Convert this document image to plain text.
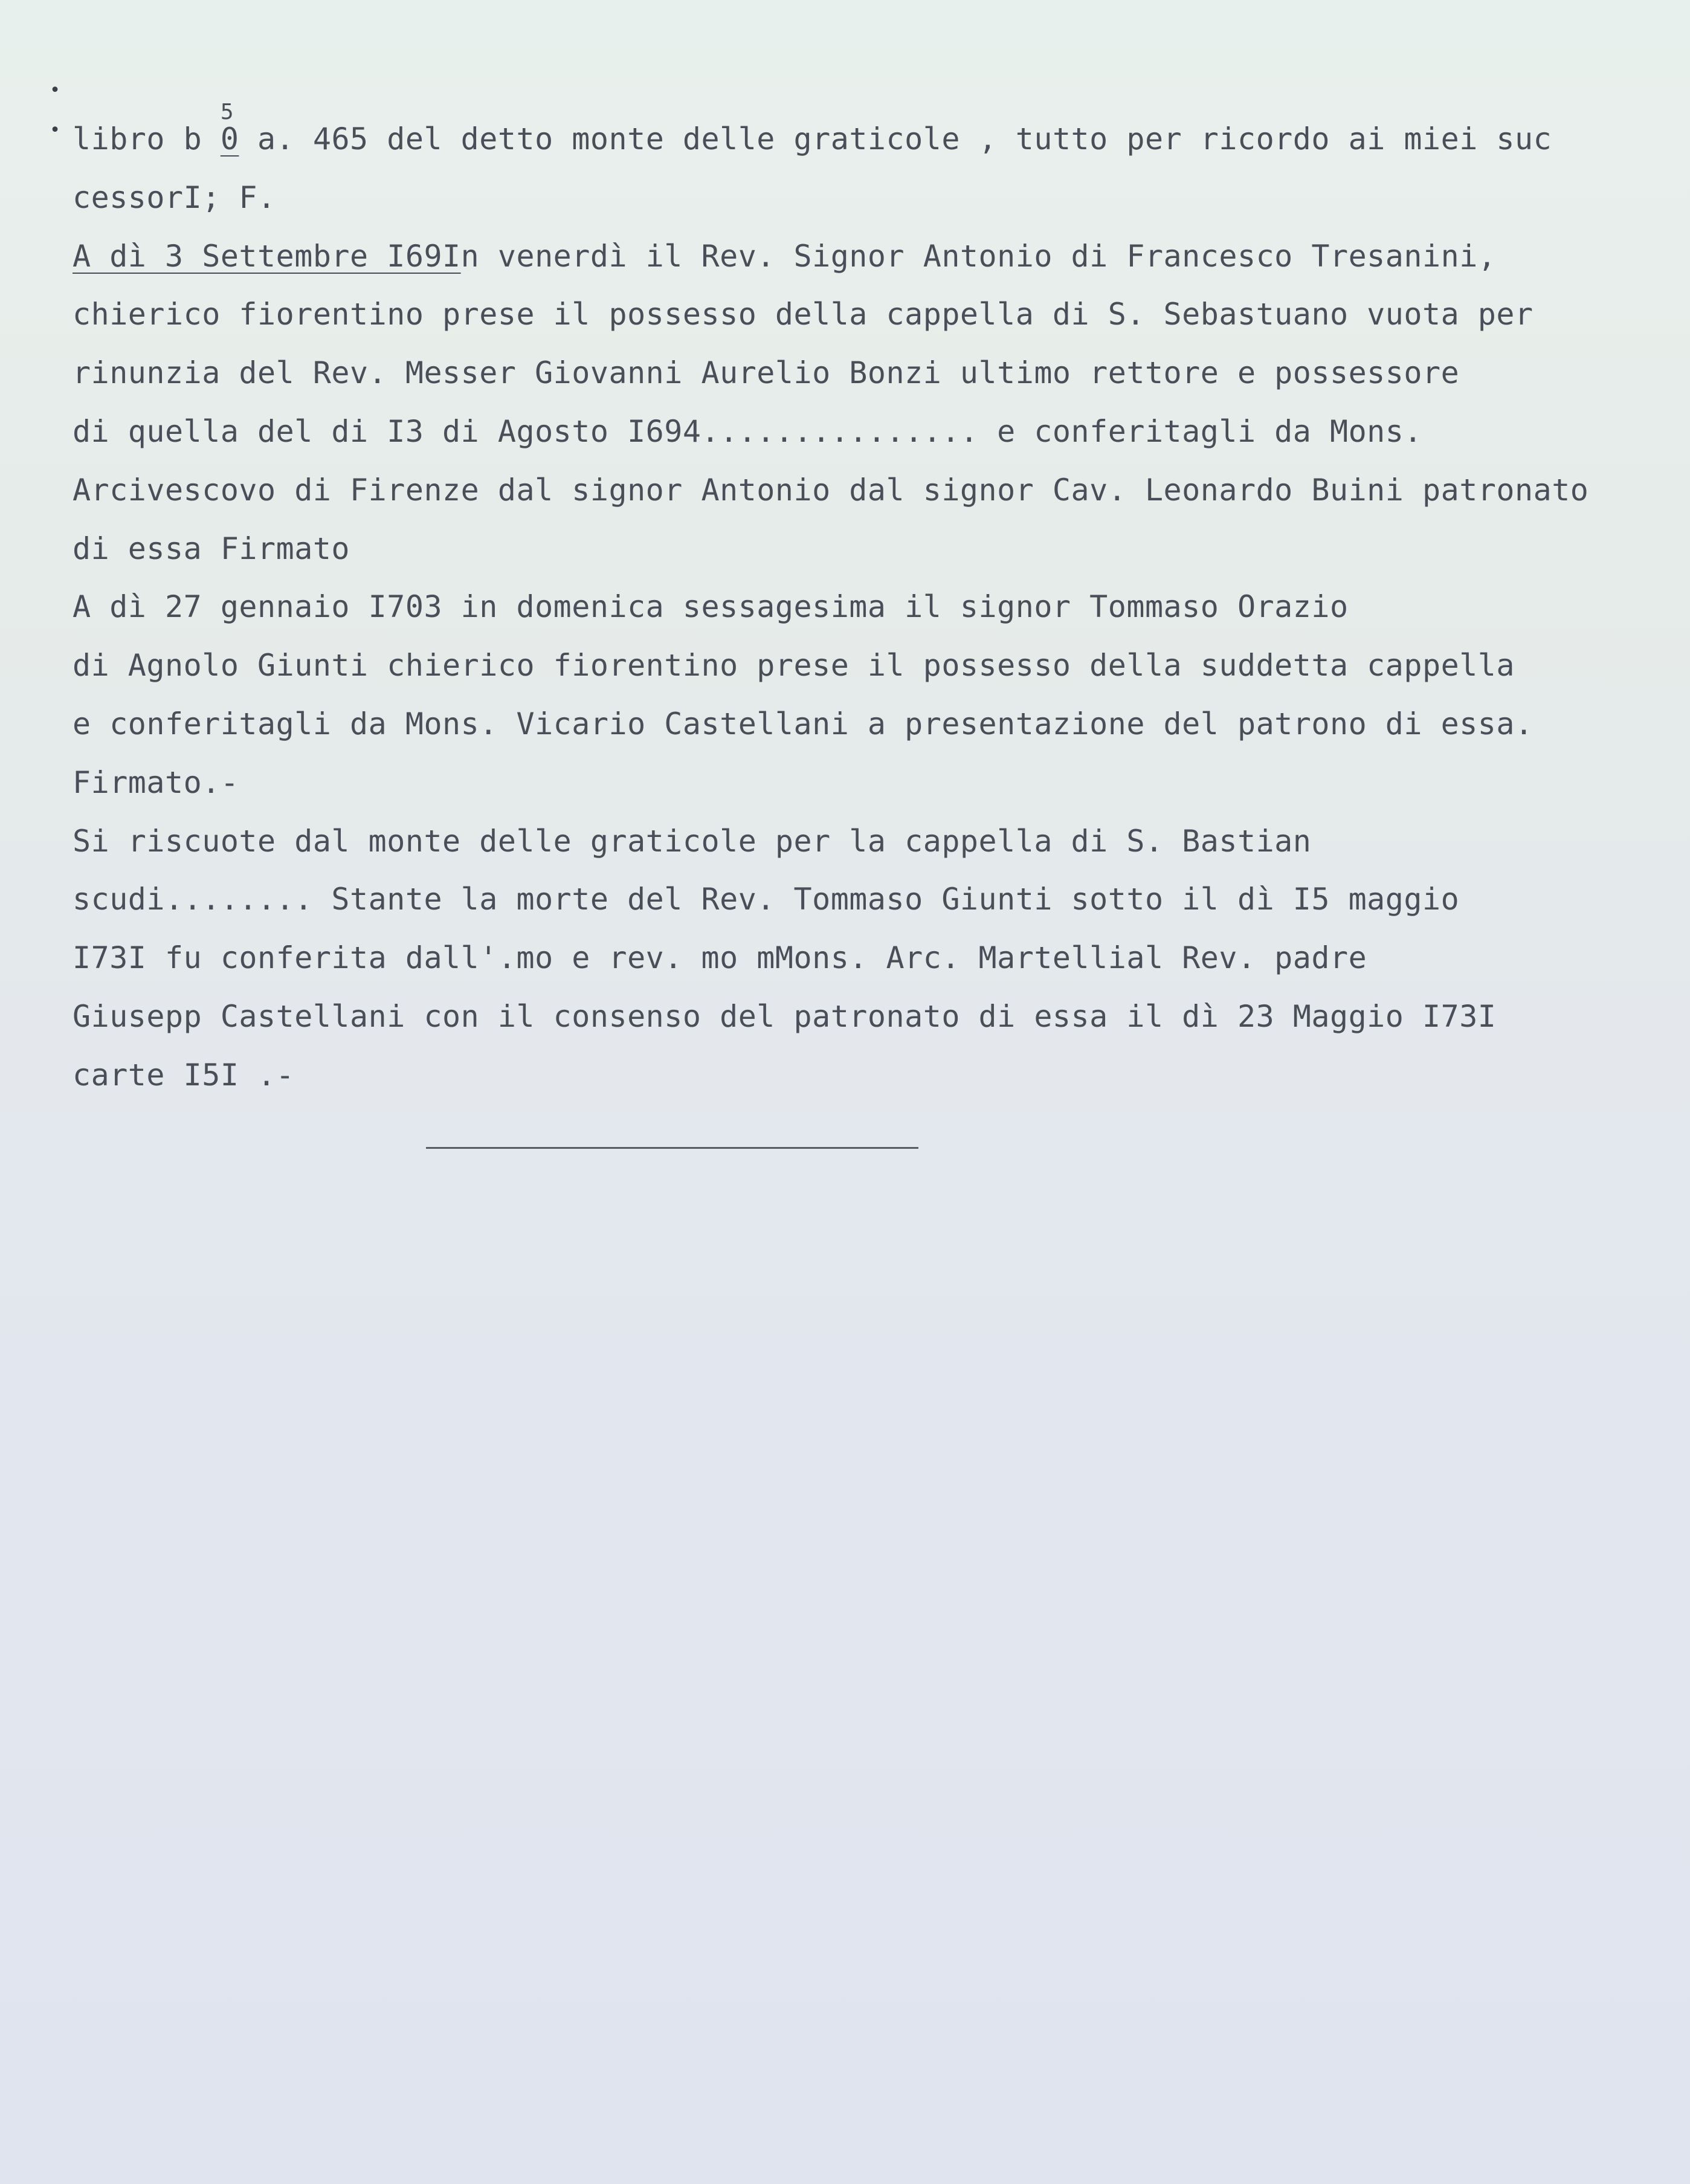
•
• libro b 0
5
a. 465 del detto monte delle graticole , tutto per ricordo ai miei suc
cessorI; F.
A dì 3 Settembre I69In venerdì il Rev. Signor Antonio di Francesco Tresanini,
chierico fiorentino prese il possesso della cappella di S. Sebastuano vuota per
rinunzia del Rev. Messer Giovanni Aurelio Bonzi ultimo rettore e possessore
di quella del di I3 di Agosto I694............... e conferitagli da Mons.
Arcivescovo di Firenze dal signor Antonio dal signor Cav. Leonardo Buini patronato
di essa Firmato
A dì 27 gennaio I703 in domenica sessagesima il signor Tommaso Orazio
di Agnolo Giunti chierico fiorentino prese il possesso della suddetta cappella
e conferitagli da Mons. Vicario Castellani a presentazione del patrono di essa.
Firmato.-
Si riscuote dal monte delle graticole per la cappella di S. Bastian
scudi........ Stante la morte del Rev. Tommaso Giunti sotto il dì I5 maggio
I73I fu conferita dall'.mo e rev. mo mMons. Arc. Martellial Rev. padre
Giusepp Castellani con il consenso del patronato di essa il dì 23 Maggio I73I
carte I5I .-
